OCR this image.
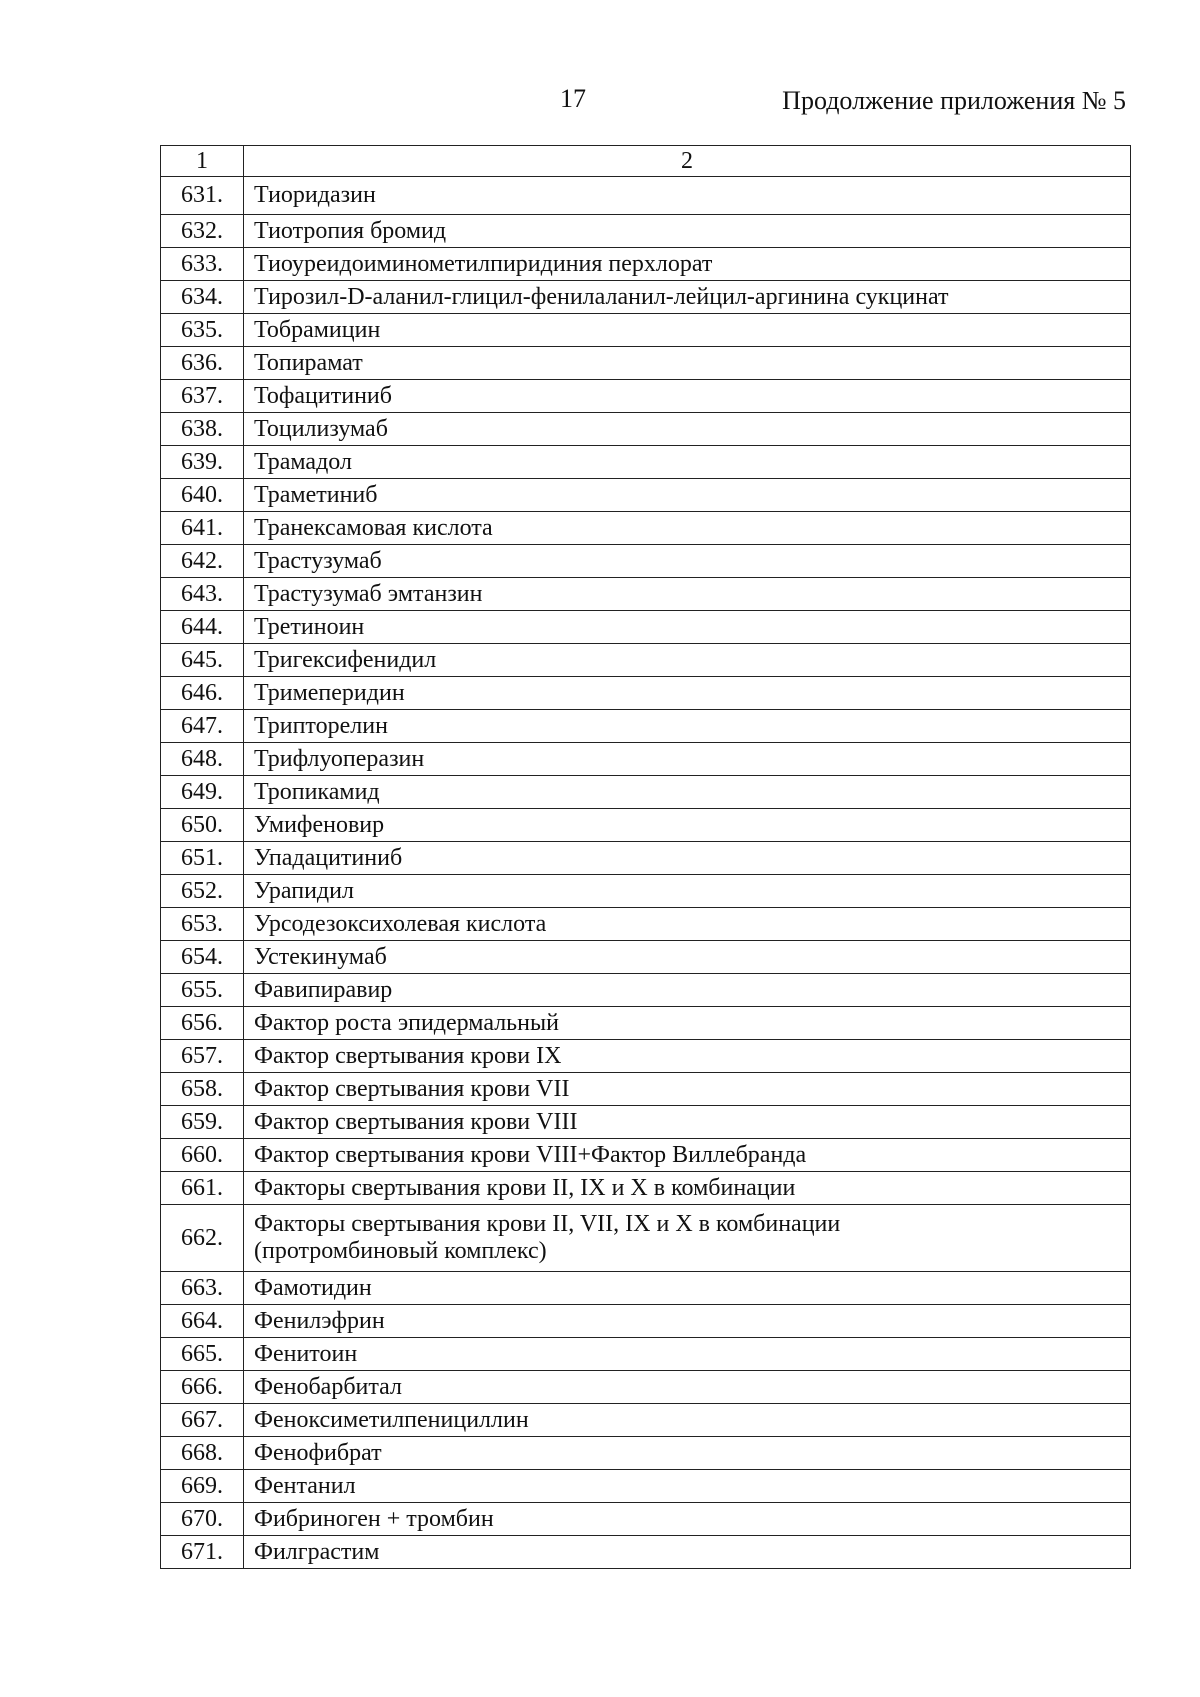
17	Продолжение приложения № 5
1	2
631.	Тиоридазин
632.	Тиотропия бромид
633.	Тиоуреидоиминометилпиридиния перхлорат
634.	Тирозил-D-аланил-глицил-фенилаланил-лейцил-аргинина сукцинат
635.	Тобрамицин
636.	Топирамат
637.	Тофацитиниб
638.	Тоцилизумаб
639.	Трамадол
640.	Траметиниб
641.	Транексамовая кислота
642.	Трастузумаб
643.	Трастузумаб эмтанзин
644.	Третиноин
645.	Тригексифенидил
646.	Тримеперидин
647.	Трипторелин
648.	Трифлуоперазин
649.	Тропикамид
650.	Умифеновир
651.	Упадацитиниб
652.	Урапидил
653.	Урсодезоксихолевая кислота
654.	Устекинумаб
655.	Фавипиравир
656.	Фактор роста эпидермальный
657.	Фактор свертывания крови IX
658.	Фактор свертывания крови VII
659.	Фактор свертывания крови VIII
660.	Фактор свертывания крови VIII+Фактор Виллебранда
661.	Факторы свертывания крови II, IX и X в комбинации
662.	Факторы свертывания крови II, VII, IX и X в комбинации
(протромбиновый комплекс)

663.	Фамотидин
664.	Фенилэфрин
665.	Фенитоин
666.	Фенобарбитал
667.	Феноксиметилпенициллин
668.	Фенофибрат
669.	Фентанил
670.	Фибриноген + тромбин
671.	Филграстим
